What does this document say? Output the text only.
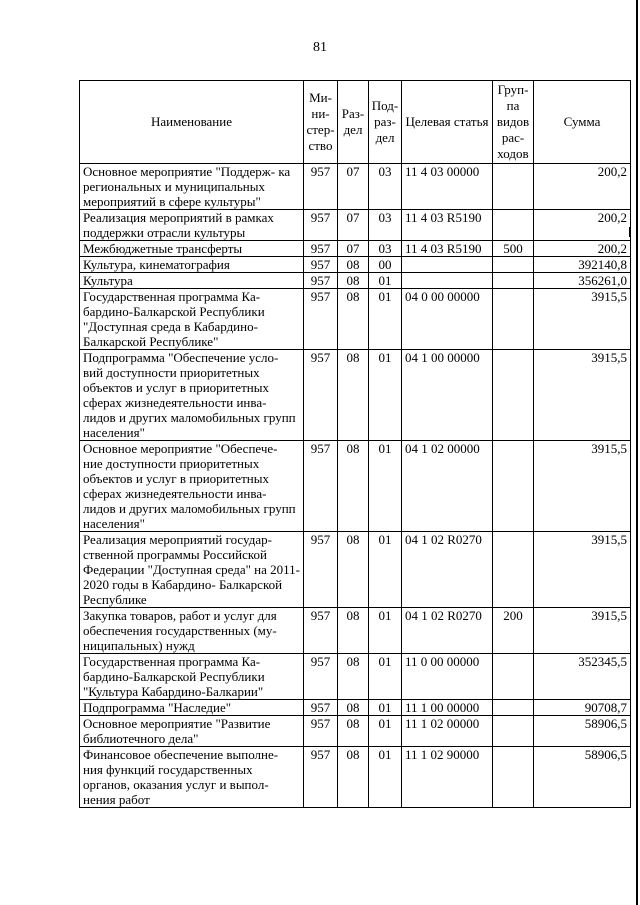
81
Наименование	Ми- ни- стер- ство	Раз- дел	Под- раз- дел	Целевая статья	Груп- па видов рас- ходов	Сумма
Основное мероприятие "Поддерж- ка региональных и муниципальных мероприятий в сфере культуры"	957	07	03	11 4 03 00000		200,2
Реализация мероприятий в рамках поддержки отрасли культуры	957	07	03	11 4 03 R5190		200,2
Межбюджетные трансферты	957	07	03	11 4 03 R5190	500	200,2
Культура, кинематография	957	08	00			392140,8
Культура	957	08	01			356261,0
Государственная программа Ка- бардино-Балкарской Республики "Доступная среда в Кабардино- Балкарской Республике"	957	08	01	04 0 00 00000		3915,5
Подпрограмма "Обеспечение усло- вий доступности приоритетных объектов и услуг в приоритетных сферах жизнедеятельности инва- лидов и других маломобильных групп населения"	957	08	01	04 1 00 00000		3915,5
Основное мероприятие "Обеспече- ние доступности приоритетных объектов и услуг в приоритетных сферах жизнедеятельности инва- лидов и других маломобильных групп населения"	957	08	01	04 1 02 00000		3915,5
Реализация мероприятий государ- ственной программы Российской Федерации "Доступная среда" на 2011-2020 годы в Кабардино- Балкарской Республике	957	08	01	04 1 02 R0270		3915,5
Закупка товаров, работ и услуг для обеспечения государственных (му- ниципальных) нужд	957	08	01	04 1 02 R0270	200	3915,5
Государственная программа Ка- бардино-Балкарской Республики "Культура Кабардино-Балкарии"	957	08	01	11 0 00 00000		352345,5
Подпрограмма "Наследие"	957	08	01	11 1 00 00000		90708,7
Основное мероприятие "Развитие библиотечного дела"	957	08	01	11 1 02 00000		58906,5
Финансовое обеспечение выполне- ния функций государственных органов, оказания услуг и выпол- нения работ	957	08	01	11 1 02 90000		58906,5
